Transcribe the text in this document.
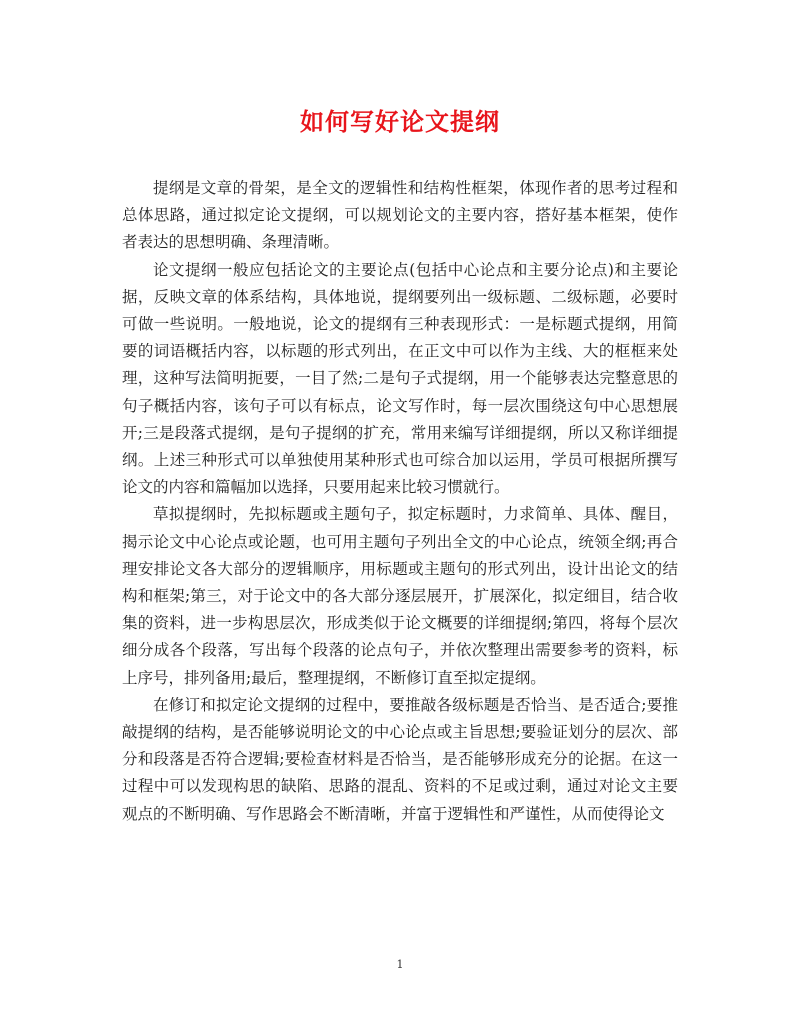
如何写好论文提纲

提纲是文章的骨架，是全文的逻辑性和结构性框架，体现作者的思考过程和总体思路，通过拟定论文提纲，可以规划论文的主要内容，搭好基本框架，使作者表达的思想明确、条理清晰。

论文提纲一般应包括论文的主要论点(包括中心论点和主要分论点)和主要论据，反映文章的体系结构，具体地说，提纲要列出一级标题、二级标题，必要时可做一些说明。一般地说，论文的提纲有三种表现形式：一是标题式提纲，用简要的词语概括内容，以标题的形式列出，在正文中可以作为主线、大的框框来处理，这种写法简明扼要，一目了然;二是句子式提纲，用一个能够表达完整意思的句子概括内容，该句子可以有标点，论文写作时，每一层次围绕这句中心思想展开;三是段落式提纲，是句子提纲的扩充，常用来编写详细提纲，所以又称详细提纲。上述三种形式可以单独使用某种形式也可综合加以运用，学员可根据所撰写论文的内容和篇幅加以选择，只要用起来比较习惯就行。

草拟提纲时，先拟标题或主题句子，拟定标题时，力求简单、具体、醒目，揭示论文中心论点或论题，也可用主题句子列出全文的中心论点，统领全纲;再合理安排论文各大部分的逻辑顺序，用标题或主题句的形式列出，设计出论文的结构和框架;第三，对于论文中的各大部分逐层展开，扩展深化，拟定细目，结合收集的资料，进一步构思层次，形成类似于论文概要的详细提纲;第四，将每个层次细分成各个段落，写出每个段落的论点句子，并依次整理出需要参考的资料，标上序号，排列备用;最后，整理提纲，不断修订直至拟定提纲。

在修订和拟定论文提纲的过程中，要推敲各级标题是否恰当、是否适合;要推敲提纲的结构，是否能够说明论文的中心论点或主旨思想;要验证划分的层次、部分和段落是否符合逻辑;要检查材料是否恰当，是否能够形成充分的论据。在这一过程中可以发现构思的缺陷、思路的混乱、资料的不足或过剩，通过对论文主要观点的不断明确、写作思路会不断清晰，并富于逻辑性和严谨性，从而使得论文

1
